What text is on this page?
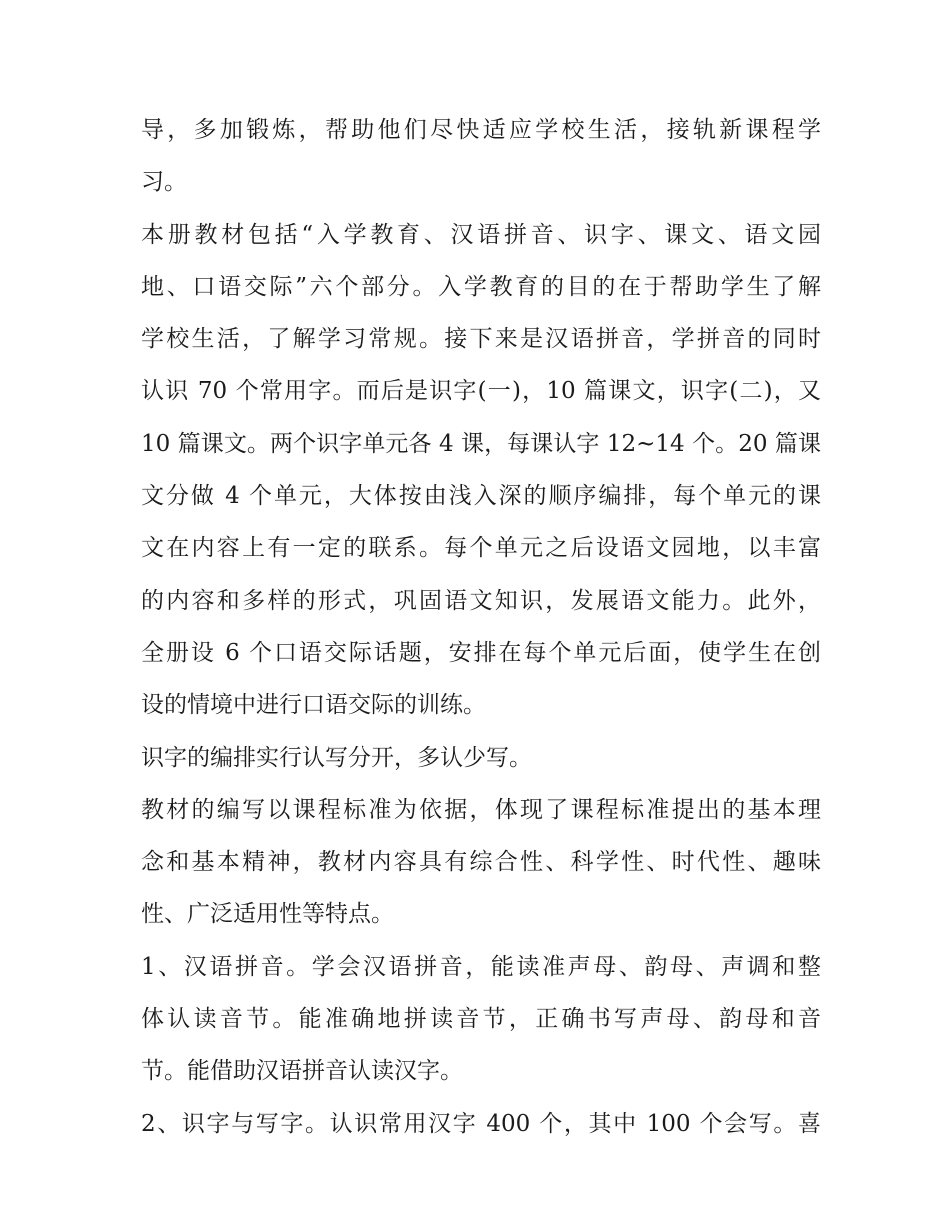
导，多加锻炼，帮助他们尽快适应学校生活，接轨新课程学
习。
本册教材包括“入学教育、汉语拼音、识字、课文、语文园
地、口语交际”六个部分。入学教育的目的在于帮助学生了解
学校生活，了解学习常规。接下来是汉语拼音，学拼音的同时
认识 70 个常用字。而后是识字(一)，10 篇课文，识字(二)，又
10 篇课文。两个识字单元各 4 课，每课认字 12~14 个。20 篇课
文分做 4 个单元，大体按由浅入深的顺序编排，每个单元的课
文在内容上有一定的联系。每个单元之后设语文园地，以丰富
的内容和多样的形式，巩固语文知识，发展语文能力。此外，
全册设 6 个口语交际话题，安排在每个单元后面，使学生在创
设的情境中进行口语交际的训练。
识字的编排实行认写分开，多认少写。
教材的编写以课程标准为依据，体现了课程标准提出的基本理
念和基本精神，教材内容具有综合性、科学性、时代性、趣味
性、广泛适用性等特点。
1、汉语拼音。学会汉语拼音，能读准声母、韵母、声调和整
体认读音节。能准确地拼读音节，正确书写声母、韵母和音
节。能借助汉语拼音认读汉字。
2、识字与写字。认识常用汉字 400 个，其中 100 个会写。喜
